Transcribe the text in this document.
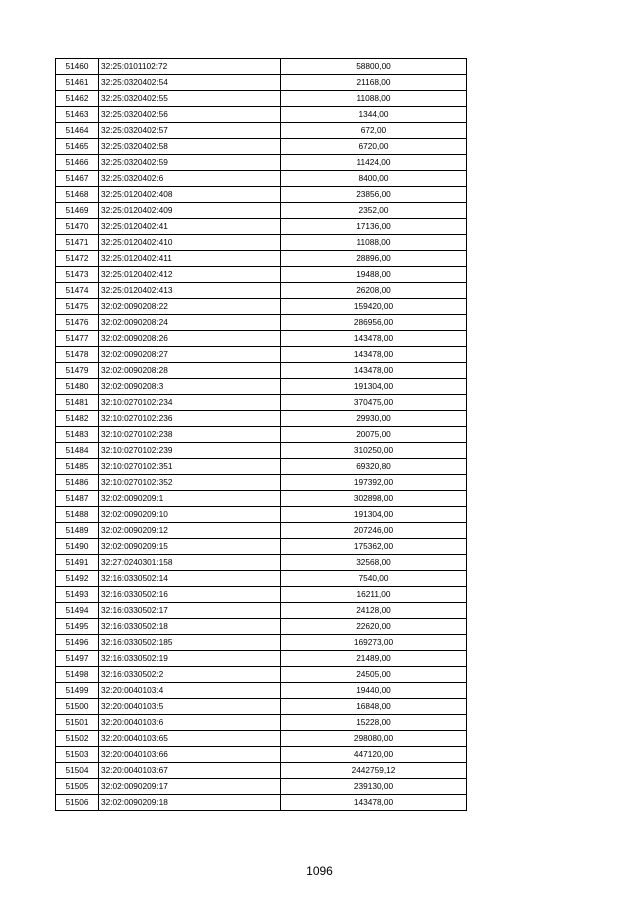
51460	32:25:0101102:72	58800,00
51461	32:25:0320402:54	21168,00
51462	32:25:0320402:55	11088,00
51463	32:25:0320402:56	1344,00
51464	32:25:0320402:57	672,00
51465	32:25:0320402:58	6720,00
51466	32:25:0320402:59	11424,00
51467	32:25:0320402:6	8400,00
51468	32:25:0120402:408	23856,00
51469	32:25:0120402:409	2352,00
51470	32:25:0120402:41	17136,00
51471	32:25:0120402:410	11088,00
51472	32:25:0120402:411	28896,00
51473	32:25:0120402:412	19488,00
51474	32:25:0120402:413	26208,00
51475	32:02:0090208:22	159420,00
51476	32:02:0090208:24	286956,00
51477	32:02:0090208:26	143478,00
51478	32:02:0090208:27	143478,00
51479	32:02:0090208:28	143478,00
51480	32:02:0090208:3	191304,00
51481	32:10:0270102:234	370475,00
51482	32:10:0270102:236	29930,00
51483	32:10:0270102:238	20075,00
51484	32:10:0270102:239	310250,00
51485	32:10:0270102:351	69320,80
51486	32:10:0270102:352	197392,00
51487	32:02:0090209:1	302898,00
51488	32:02:0090209:10	191304,00
51489	32:02:0090209:12	207246,00
51490	32:02:0090209:15	175362,00
51491	32:27:0240301:158	32568,00
51492	32:16:0330502:14	7540,00
51493	32:16:0330502:16	16211,00
51494	32:16:0330502:17	24128,00
51495	32:16:0330502:18	22620,00
51496	32:16:0330502:185	169273,00
51497	32:16:0330502:19	21489,00
51498	32:16:0330502:2	24505,00
51499	32:20:0040103:4	19440,00
51500	32:20:0040103:5	16848,00
51501	32:20:0040103:6	15228,00
51502	32:20:0040103:65	298080,00
51503	32:20:0040103:66	447120,00
51504	32:20:0040103:67	2442759,12
51505	32:02:0090209:17	239130,00
51506	32:02:0090209:18	143478,00
1096
